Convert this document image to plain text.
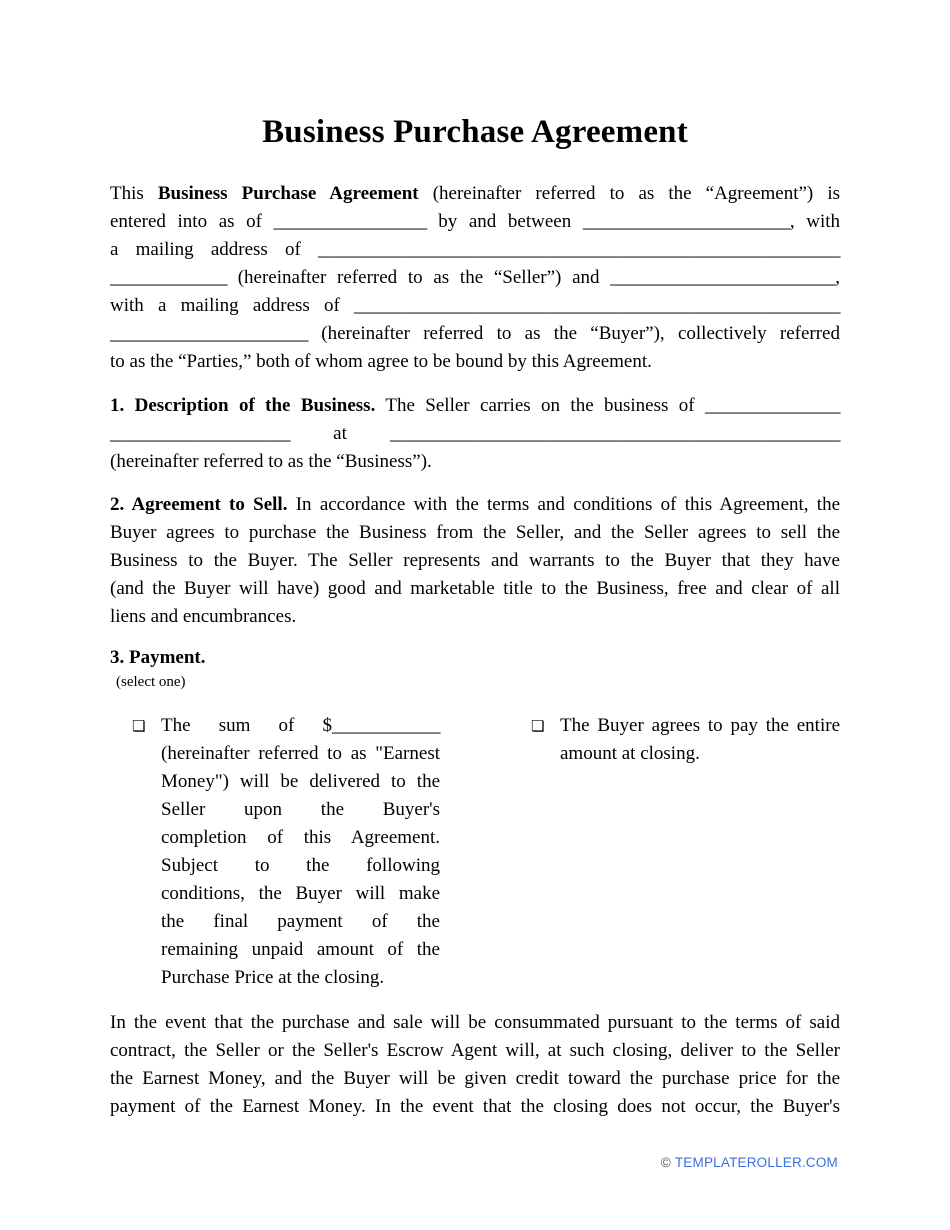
Business Purchase Agreement
This Business Purchase Agreement (hereinafter referred to as the “Agreement”) is
entered into as of _________________ by and between _______________________, with
a mailing address of __________________________________________________________
_____________ (hereinafter referred to as the “Seller”) and _________________________,
with a mailing address of ______________________________________________________
______________________ (hereinafter referred to as the “Buyer”), collectively referred
to as the “Parties,” both of whom agree to be bound by this Agreement.
1. Description of the Business. The Seller carries on the business of _______________
____________________ at __________________________________________________
(hereinafter referred to as the “Business”).
2. Agreement to Sell. In accordance with the terms and conditions of this Agreement, the
Buyer agrees to purchase the Business from the Seller, and the Seller agrees to sell the
Business to the Buyer. The Seller represents and warrants to the Buyer that they have
(and the Buyer will have) good and marketable title to the Business, free and clear of all
liens and encumbrances.
3. Payment.
(select one)
❏ The sum of $____________
(hereinafter referred to as "Earnest
Money") will be delivered to the
Seller upon the Buyer's
completion of this Agreement.
Subject to the following
conditions, the Buyer will make
the final payment of the
remaining unpaid amount of the
Purchase Price at the closing.
❏ The Buyer agrees to pay the entire
amount at closing.
In the event that the purchase and sale will be consummated pursuant to the terms of said
contract, the Seller or the Seller's Escrow Agent will, at such closing, deliver to the Seller
the Earnest Money, and the Buyer will be given credit toward the purchase price for the
payment of the Earnest Money. In the event that the closing does not occur, the Buyer's
© TEMPLATEROLLER.COM
